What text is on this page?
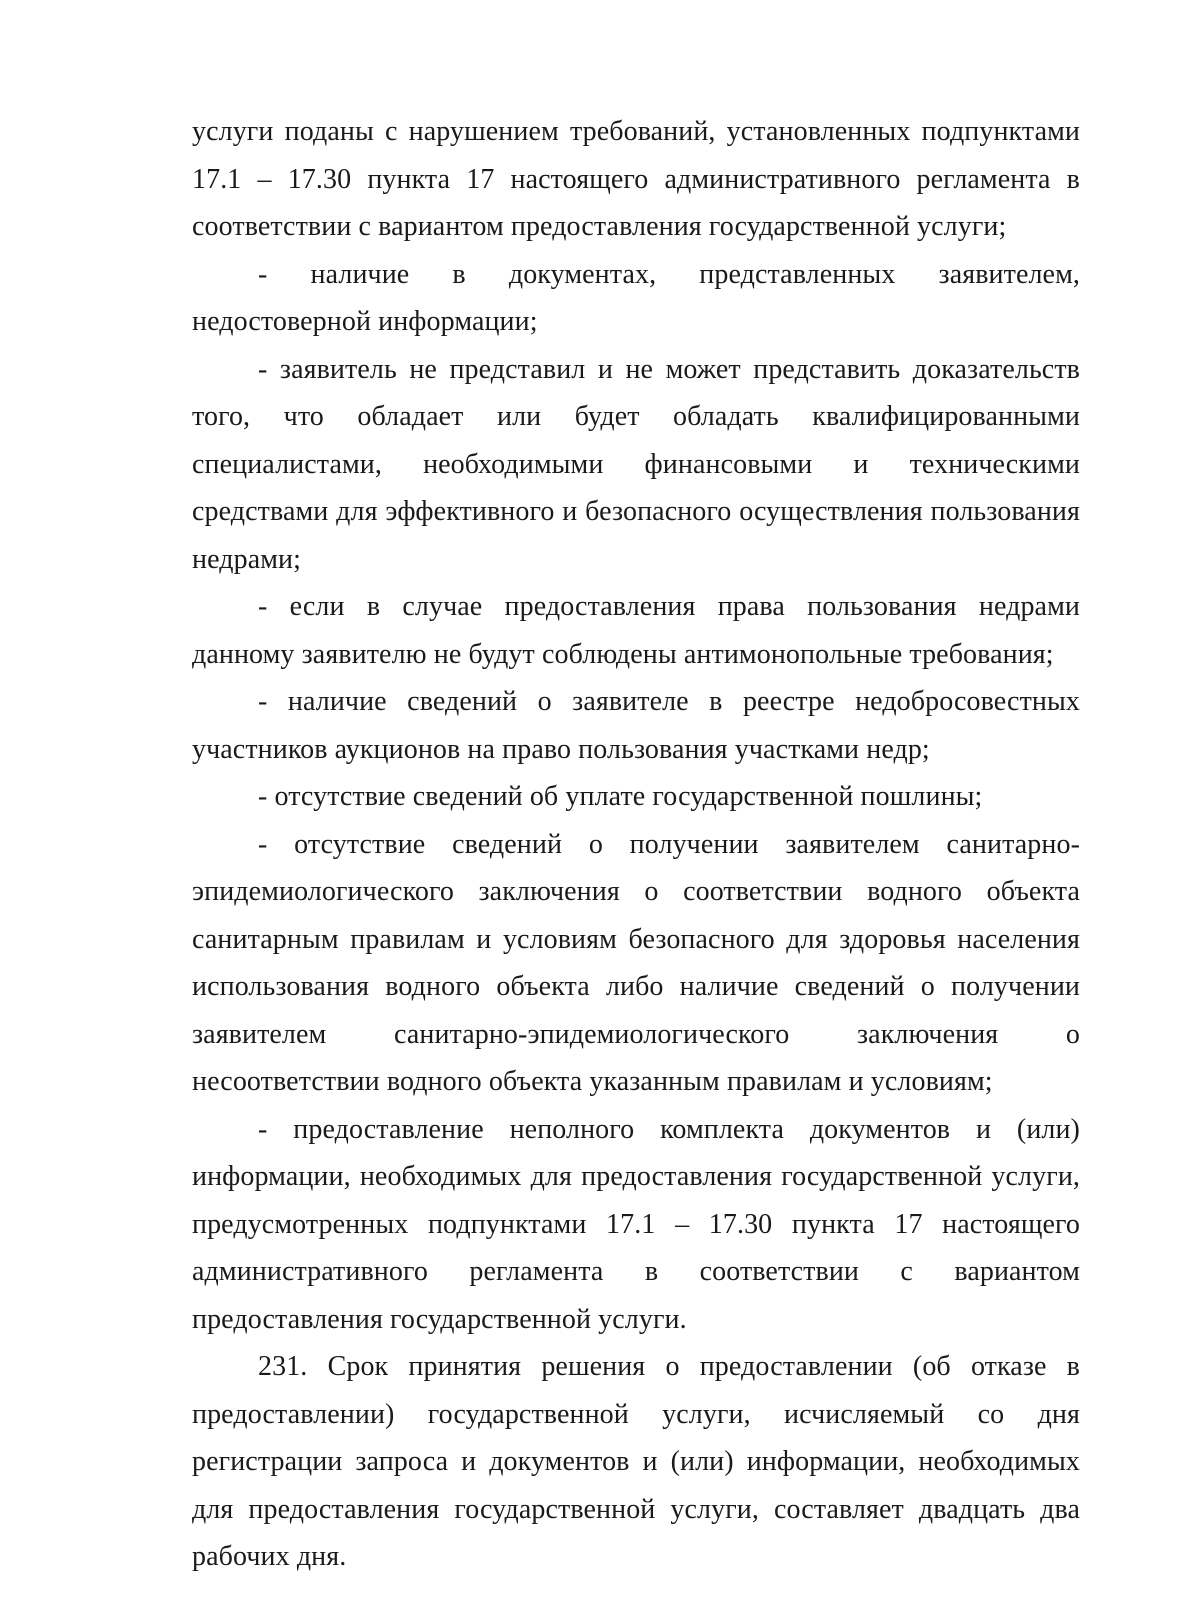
услуги поданы с нарушением требований, установленных подпунктами 17.1 – 17.30 пункта 17 настоящего административного регламента в соответствии с вариантом предоставления государственной услуги;

- наличие в документах, представленных заявителем, недостоверной информации;

- заявитель не представил и не может представить доказательств того, что обладает или будет обладать квалифицированными специалистами, необходимыми финансовыми и техническими средствами для эффективного и безопасного осуществления пользования недрами;

- если в случае предоставления права пользования недрами данному заявителю не будут соблюдены антимонопольные требования;

- наличие сведений о заявителе в реестре недобросовестных участников аукционов на право пользования участками недр;

- отсутствие сведений об уплате государственной пошлины;

- отсутствие сведений о получении заявителем санитарно-эпидемиологического заключения о соответствии водного объекта санитарным правилам и условиям безопасного для здоровья населения использования водного объекта либо наличие сведений о получении заявителем санитарно-эпидемиологического заключения о несоответствии водного объекта указанным правилам и условиям;

- предоставление неполного комплекта документов и (или) информации, необходимых для предоставления государственной услуги, предусмотренных подпунктами 17.1 – 17.30 пункта 17 настоящего административного регламента в соответствии с вариантом предоставления государственной услуги.

231. Срок принятия решения о предоставлении (об отказе в предоставлении) государственной услуги, исчисляемый со дня регистрации запроса и документов и (или) информации, необходимых для предоставления государственной услуги, составляет двадцать два рабочих дня.
